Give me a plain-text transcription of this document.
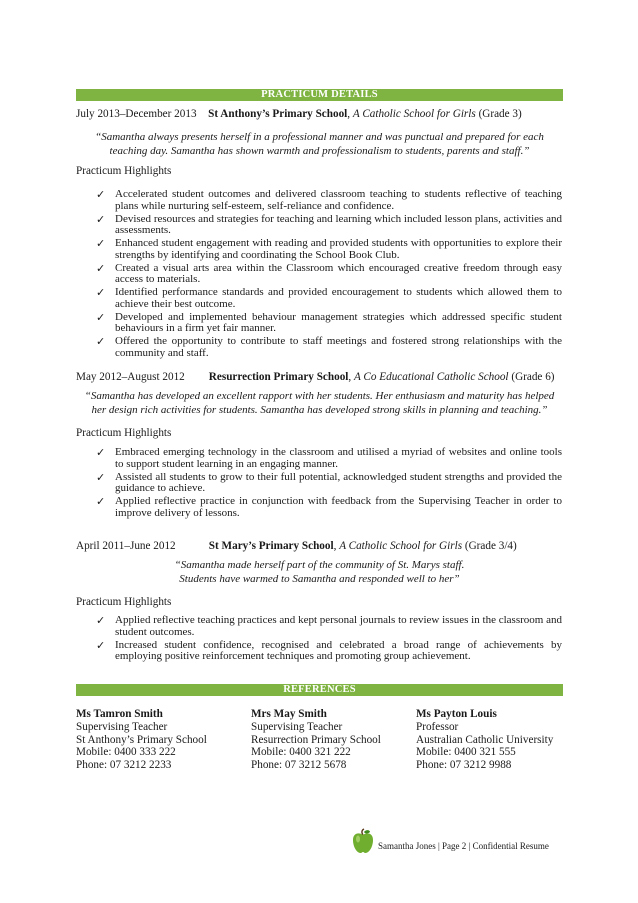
PRACTICUM DETAILS
July 2013–December 2013 St Anthony’s Primary School, A Catholic School for Girls (Grade 3)
“Samantha always presents herself in a professional manner and was punctual and prepared for each
teaching day. Samantha has shown warmth and professionalism to students, parents and staff.”
Practicum Highlights
✓ Accelerated student outcomes and delivered classroom teaching to students reflective of teaching plans while nurturing self-esteem, self-reliance and confidence.
✓ Devised resources and strategies for teaching and learning which included lesson plans, activities and assessments.
✓ Enhanced student engagement with reading and provided students with opportunities to explore their strengths by identifying and coordinating the School Book Club.
✓ Created a visual arts area within the Classroom which encouraged creative freedom through easy access to materials.
✓ Identified performance standards and provided encouragement to students which allowed them to achieve their best outcome.
✓ Developed and implemented behaviour management strategies which addressed specific student behaviours in a firm yet fair manner.
✓ Offered the opportunity to contribute to staff meetings and fostered strong relationships with the community and staff.
May 2012–August 2012 Resurrection Primary School, A Co Educational Catholic School (Grade 6)
“Samantha has developed an excellent rapport with her students. Her enthusiasm and maturity has helped
her design rich activities for students. Samantha has developed strong skills in planning and teaching.”
Practicum Highlights
✓ Embraced emerging technology in the classroom and utilised a myriad of websites and online tools to support student learning in an engaging manner.
✓ Assisted all students to grow to their full potential, acknowledged student strengths and provided the guidance to achieve.
✓ Applied reflective practice in conjunction with feedback from the Supervising Teacher in order to improve delivery of lessons.
April 2011–June 2012	St Mary’s Primary School, A Catholic School for Girls (Grade 3/4)
“Samantha made herself part of the community of St. Marys staff.
Students have warmed to Samantha and responded well to her”
Practicum Highlights
✓ Applied reflective teaching practices and kept personal journals to review issues in the classroom and student outcomes.
✓ Increased student confidence, recognised and celebrated a broad range of achievements by employing positive reinforcement techniques and promoting group achievement.
REFERENCES
Ms Tamron Smith
Supervising Teacher
St Anthony’s Primary School
Mobile: 0400 333 222
Phone: 07 3212 2233
Mrs May Smith
Supervising Teacher
Resurrection Primary School
Mobile: 0400 321 222
Phone: 07 3212 5678
Ms Payton Louis
Professor
Australian Catholic University
Mobile: 0400 321 555
Phone: 07 3212 9988
Samantha Jones | Page 2 | Confidential Resume
